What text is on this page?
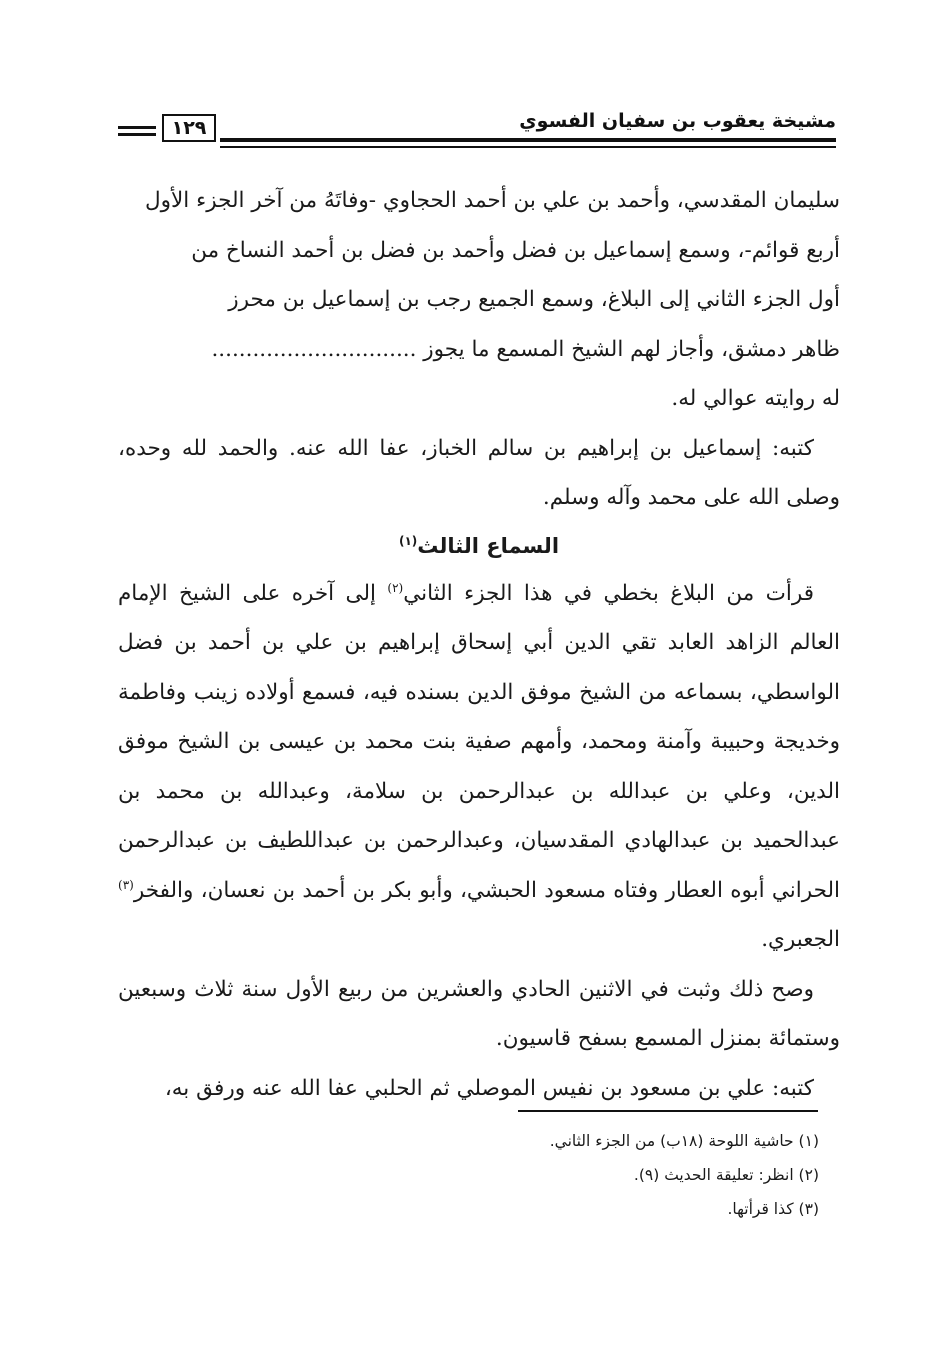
١٢٩	مشيخة يعقوب بن سفيان الفسوي

سليمان المقدسي، وأحمد بن علي بن أحمد الحجاوي -وفاتَهُ من آخر الجزء الأول

أربع قوائم-، وسمع إسماعيل بن فضل وأحمد بن فضل بن أحمد النساخ من

أول الجزء الثاني إلى البلاغ، وسمع الجميع رجب بن إسماعيل بن محرز

ظاهر دمشق، وأجاز لهم الشيخ المسمع ما يجوز ..............................

له روايته عوالي له.

كتبه: إسماعيل بن إبراهيم بن سالم الخباز، عفا الله عنه. والحمد لله وحده، وصلى الله على محمد وآله وسلم.

السماع الثالث$^{(١)}$

قرأت من البلاغ بخطي في هذا الجزء الثاني$^{(٢)}$ إلى آخره على الشيخ الإمام العالم الزاهد العابد تقي الدين أبي إسحاق إبراهيم بن علي بن أحمد بن فضل الواسطي، بسماعه من الشيخ موفق الدين بسنده فيه، فسمع أولاده زينب وفاطمة وخديجة وحبيبة وآمنة ومحمد، وأمهم صفية بنت محمد بن عيسى بن الشيخ موفق الدين، وعلي بن عبدالله بن عبدالرحمن بن سلامة، وعبدالله بن محمد بن عبدالحميد بن عبدالهادي المقدسيان، وعبدالرحمن بن عبداللطيف بن عبدالرحمن الحراني أبوه العطار وفتاه مسعود الحبشي، وأبو بكر بن أحمد بن نعسان، والفخر$^{(٣)}$ الجعبري.

وصح ذلك وثبت في الاثنين الحادي والعشرين من ربيع الأول سنة ثلاث وسبعين وستمائة بمنزل المسمع بسفح قاسيون.

كتبه: علي بن مسعود بن نفيس الموصلي ثم الحلبي عفا الله عنه ورفق به،

(١) حاشية اللوحة (١٨ب) من الجزء الثاني.
(٢) انظر: تعليقة الحديث (٩).
(٣) كذا قرأتها.
